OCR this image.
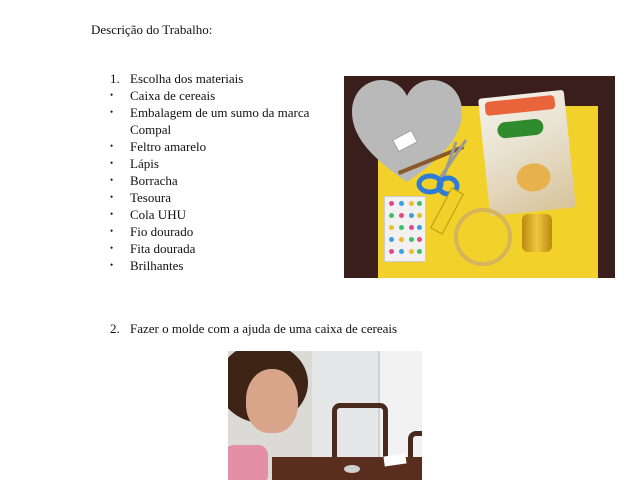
Descrição do Trabalho:
1. Escolha dos materiais
•	Caixa de cereais
•	Embalagem de um sumo da marca
Compal
•	Feltro amarelo
•	Lápis
•	Borracha
•	Tesoura
•	Cola UHU
•	Fio dourado
•	Fita dourada
•	Brilhantes
2. Fazer o molde com a ajuda de uma caixa de cereais
